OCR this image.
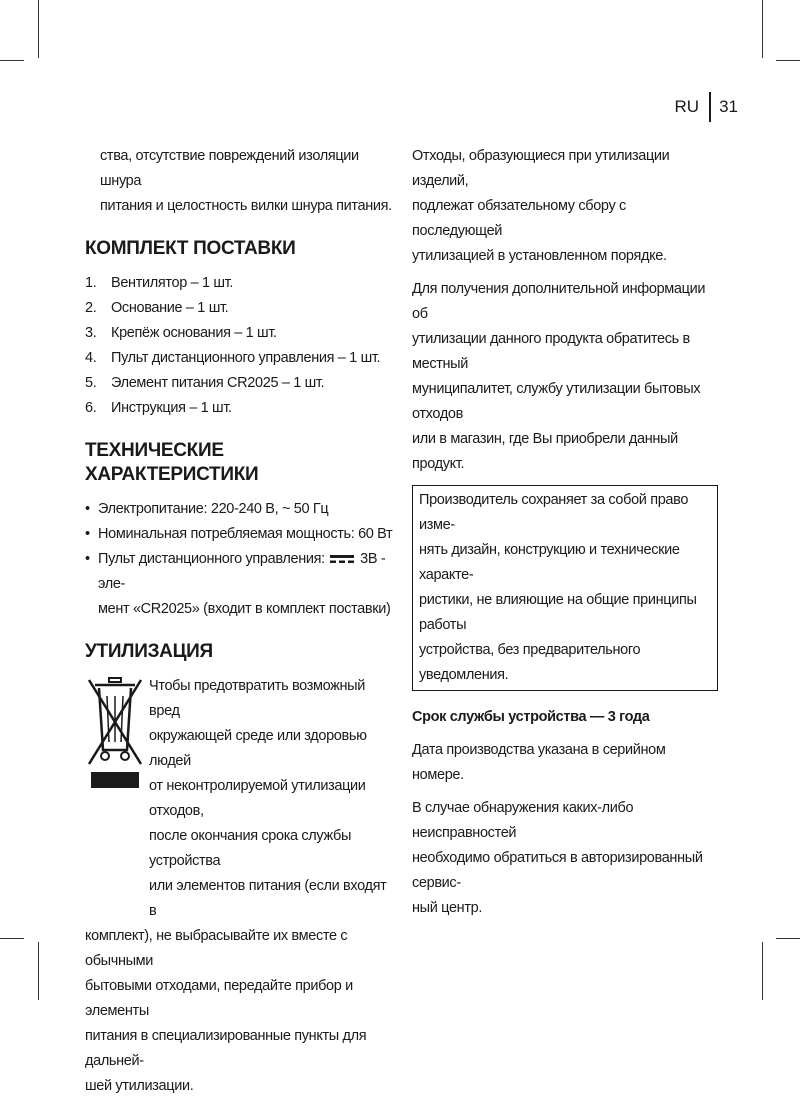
RU	31

ства, отсутствие повреждений изоляции шнура

питания и целостность вилки шнура питания.

КОМПЛЕКТ ПОСТАВКИ
1.	Вентилятор – 1 шт.
2.	Основание – 1 шт.
3.	Крепёж основания – 1 шт.
4.	Пульт дистанционного управления – 1 шт.
5.	Элемент питания CR2025 – 1 шт.
6.	Инструкция – 1 шт.
ТЕХНИЧЕСКИЕ ХАРАКТЕРИСТИКИ
• Электропитание: 220-240 В, ~ 50 Гц
• Номинальная потребляемая мощность: 60 Вт
• Пульт дистанционного управления: 3В - эле-
мент «CR2025» (входит в комплект поставки)
УТИЛИЗАЦИЯ

Чтобы предотвратить возможный вред

окружающей среде или здоровью людей

от неконтролируемой утилизации отходов,

после окончания срока службы устройства

или элементов питания (если входят в

комплект), не выбрасывайте их вместе с обычными

бытовыми отходами, передайте прибор и элементы

питания в специализированные пункты для дальней-

шей утилизации.

Отходы, образующиеся при утилизации изделий,

подлежат обязательному сбору с последующей

утилизацией в установленном порядке.

Для получения дополнительной информации об

утилизации данного продукта обратитесь в местный

муниципалитет, службу утилизации бытовых отходов

или в магазин, где Вы приобрели данный продукт.

Производитель сохраняет за собой право изме-

нять дизайн, конструкцию и технические характе-

ристики, не влияющие на общие принципы работы

устройства, без предварительного уведомления.

Срок службы устройства — 3 года

Дата производства указана в серийном номере.

В случае обнаружения каких-либо неисправностей

необходимо обратиться в авторизированный сервис-

ный центр.
